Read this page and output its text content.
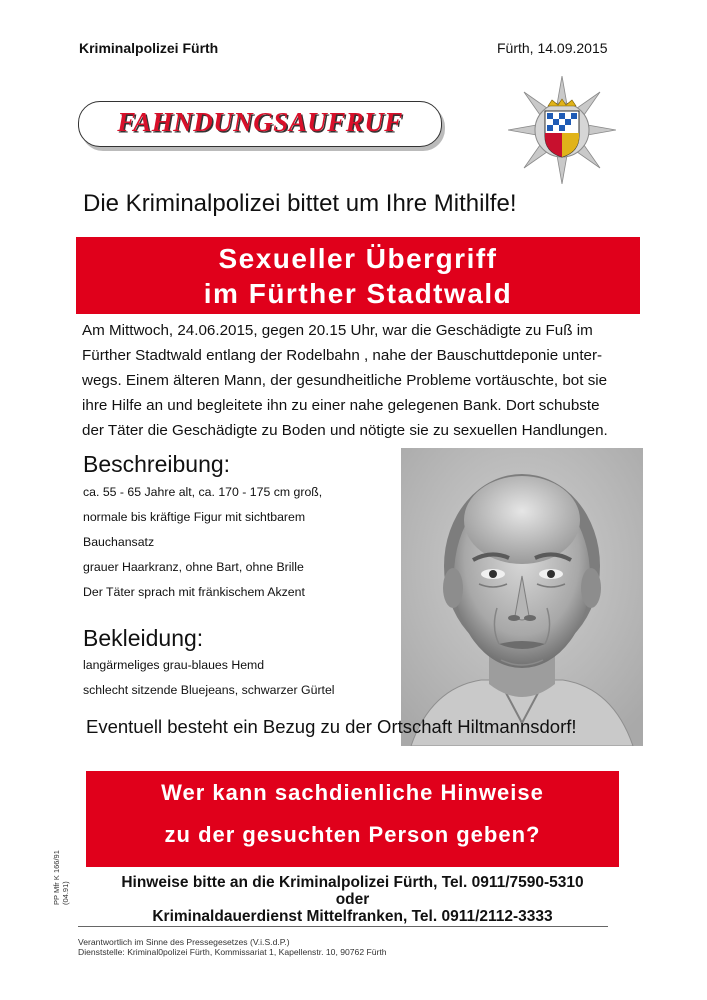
Kriminalpolizei Fürth	Fürth, 14.09.2015
FAHNDUNGSAUFRUF
Die Kriminalpolizei bittet um Ihre Mithilfe!
Sexueller Übergriff
im Fürther Stadtwald
Am Mittwoch, 24.06.2015, gegen 20.15 Uhr, war die Geschädigte zu Fuß im
Fürther Stadtwald entlang der Rodelbahn , nahe der Bauschuttdeponie unter-
wegs. Einem älteren Mann, der gesundheitliche Probleme vortäuschte, bot sie
ihre Hilfe an und begleitete ihn zu einer nahe gelegenen Bank. Dort schubste
der Täter die Geschädigte zu Boden und nötigte sie zu sexuellen Handlungen.
Beschreibung:
ca. 55 - 65 Jahre alt, ca. 170 - 175 cm groß,
normale bis kräftige Figur mit sichtbarem
Bauchansatz
grauer Haarkranz, ohne Bart, ohne Brille
Der Täter sprach mit fränkischem Akzent
Bekleidung:
langärmeliges grau-blaues Hemd
schlecht sitzende Bluejeans, schwarzer Gürtel
Eventuell besteht ein Bezug zu der Ortschaft Hiltmannsdorf!
Wer kann sachdienliche Hinweise
zu der gesuchten Person geben?
Hinweise bitte an die Kriminalpolizei Fürth, Tel. 0911/7590-5310
oder
Kriminaldauerdienst Mittelfranken, Tel. 0911/2112-3333
Verantwortlich im Sinne des Pressegesetzes (V.i.S.d.P.)
Dienststelle: Kriminal0polizei Fürth, Kommissariat 1, Kapellenstr. 10, 90762 Fürth
PP Mfr K 166/91 (04.91)
